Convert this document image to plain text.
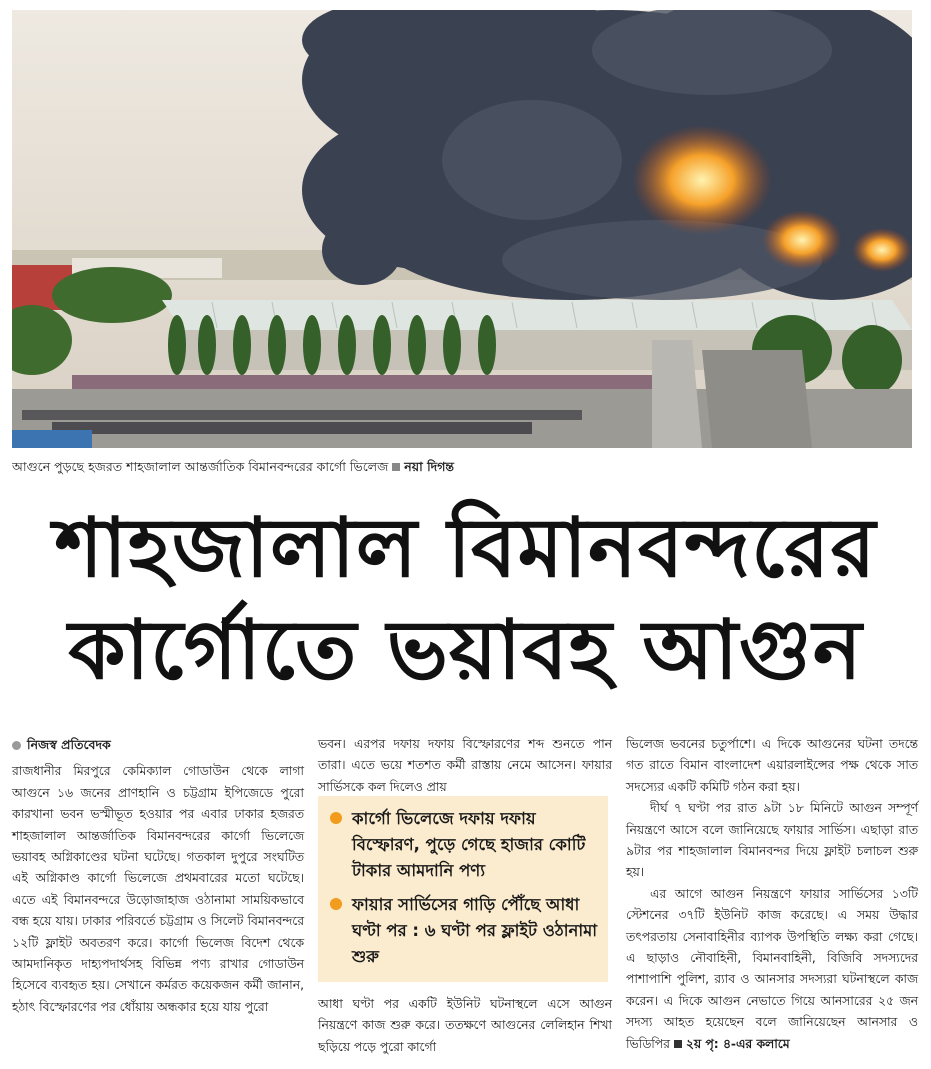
আগুনে পুড়ছে হজরত শাহজালাল আন্তর্জাতিক বিমানবন্দরের কার্গো ভিলেজ নয়া দিগন্ত
শাহজালাল বিমানবন্দরের
কার্গোতে ভয়াবহ আগুন

নিজস্ব প্রতিবেদক

রাজধানীর মিরপুরে কেমিক্যাল গোডাউন থেকে লাগা আগুনে ১৬ জনের প্রাণহানি ও চট্টগ্রাম ইপিজেডে পুরো কারখানা ভবন ভস্মীভূত হওয়ার পর এবার ঢাকার হজরত শাহজালাল আন্তর্জাতিক বিমানবন্দরের কার্গো ভিলেজে ভয়াবহ অগ্নিকাণ্ডের ঘটনা ঘটেছে। গতকাল দুপুরে সংঘটিত এই অগ্নিকাণ্ড কার্গো ভিলেজে প্রথমবারের মতো ঘটেছে। এতে এই বিমানবন্দরে উড়োজাহাজ ওঠানামা সাময়িকভাবে বন্ধ হয়ে যায়। ঢাকার পরিবর্তে চট্টগ্রাম ও সিলেট বিমানবন্দরে ১২টি ফ্লাইট অবতরণ করে। কার্গো ভিলেজ বিদেশ থেকে আমদানিকৃত দাহ্যপদার্থসহ বিভিন্ন পণ্য রাখার গোডাউন হিসেবে ব্যবহৃত হয়। সেখানে কর্মরত কয়েকজন কর্মী জানান, হঠাৎ বিস্ফোরণের পর ধোঁয়ায় অন্ধকার হয়ে যায় পুরো

ভবন। এরপর দফায় দফায় বিস্ফোরণের শব্দ শুনতে পান তারা। এতে ভয়ে শতশত কর্মী রাস্তায় নেমে আসেন। ফায়ার সার্ভিসকে কল দিলেও প্রায়

কার্গো ভিলেজে দফায় দফায় বিস্ফোরণ, পুড়ে গেছে হাজার কোটি টাকার আমদানি পণ্য
ফায়ার সার্ভিসের গাড়ি পৌঁছে আধা ঘণ্টা পর : ৬ ঘণ্টা পর ফ্লাইট ওঠানামা শুরু

আধা ঘণ্টা পর একটি ইউনিট ঘটনাস্থলে এসে আগুন নিয়ন্ত্রণে কাজ শুরু করে। ততক্ষণে আগুনের লেলিহান শিখা ছড়িয়ে পড়ে পুরো কার্গো

ভিলেজ ভবনের চতুর্পাশে। এ দিকে আগুনের ঘটনা তদন্তে গত রাতে বিমান বাংলাদেশ এয়ারলাইন্সের পক্ষ থেকে সাত সদস্যের একটি কমিটি গঠন করা হয়।

দীর্ঘ ৭ ঘণ্টা পর রাত ৯টা ১৮ মিনিটে আগুন সম্পূর্ণ নিয়ন্ত্রণে আসে বলে জানিয়েছে ফায়ার সার্ভিস। এছাড়া রাত ৯টার পর শাহজালাল বিমানবন্দর দিয়ে ফ্লাইট চলাচল শুরু হয়।

এর আগে আগুন নিয়ন্ত্রণে ফায়ার সার্ভিসের ১৩টি স্টেশনের ৩৭টি ইউনিট কাজ করেছে। এ সময় উদ্ধার তৎপরতায় সেনাবাহিনীর ব্যাপক উপস্থিতি লক্ষ্য করা গেছে। এ ছাড়াও নৌবাহিনী, বিমানবাহিনী, বিজিবি সদস্যদের পাশাপাশি পুলিশ, র‍্যাব ও আনসার সদস্যরা ঘটনাস্থলে কাজ করেন। এ দিকে আগুন নেভাতে গিয়ে আনসারের ২৫ জন সদস্য আহত হয়েছেন বলে জানিয়েছেন আনসার ও ভিডিপির ২য় পৃ: ৪-এর কলামে
